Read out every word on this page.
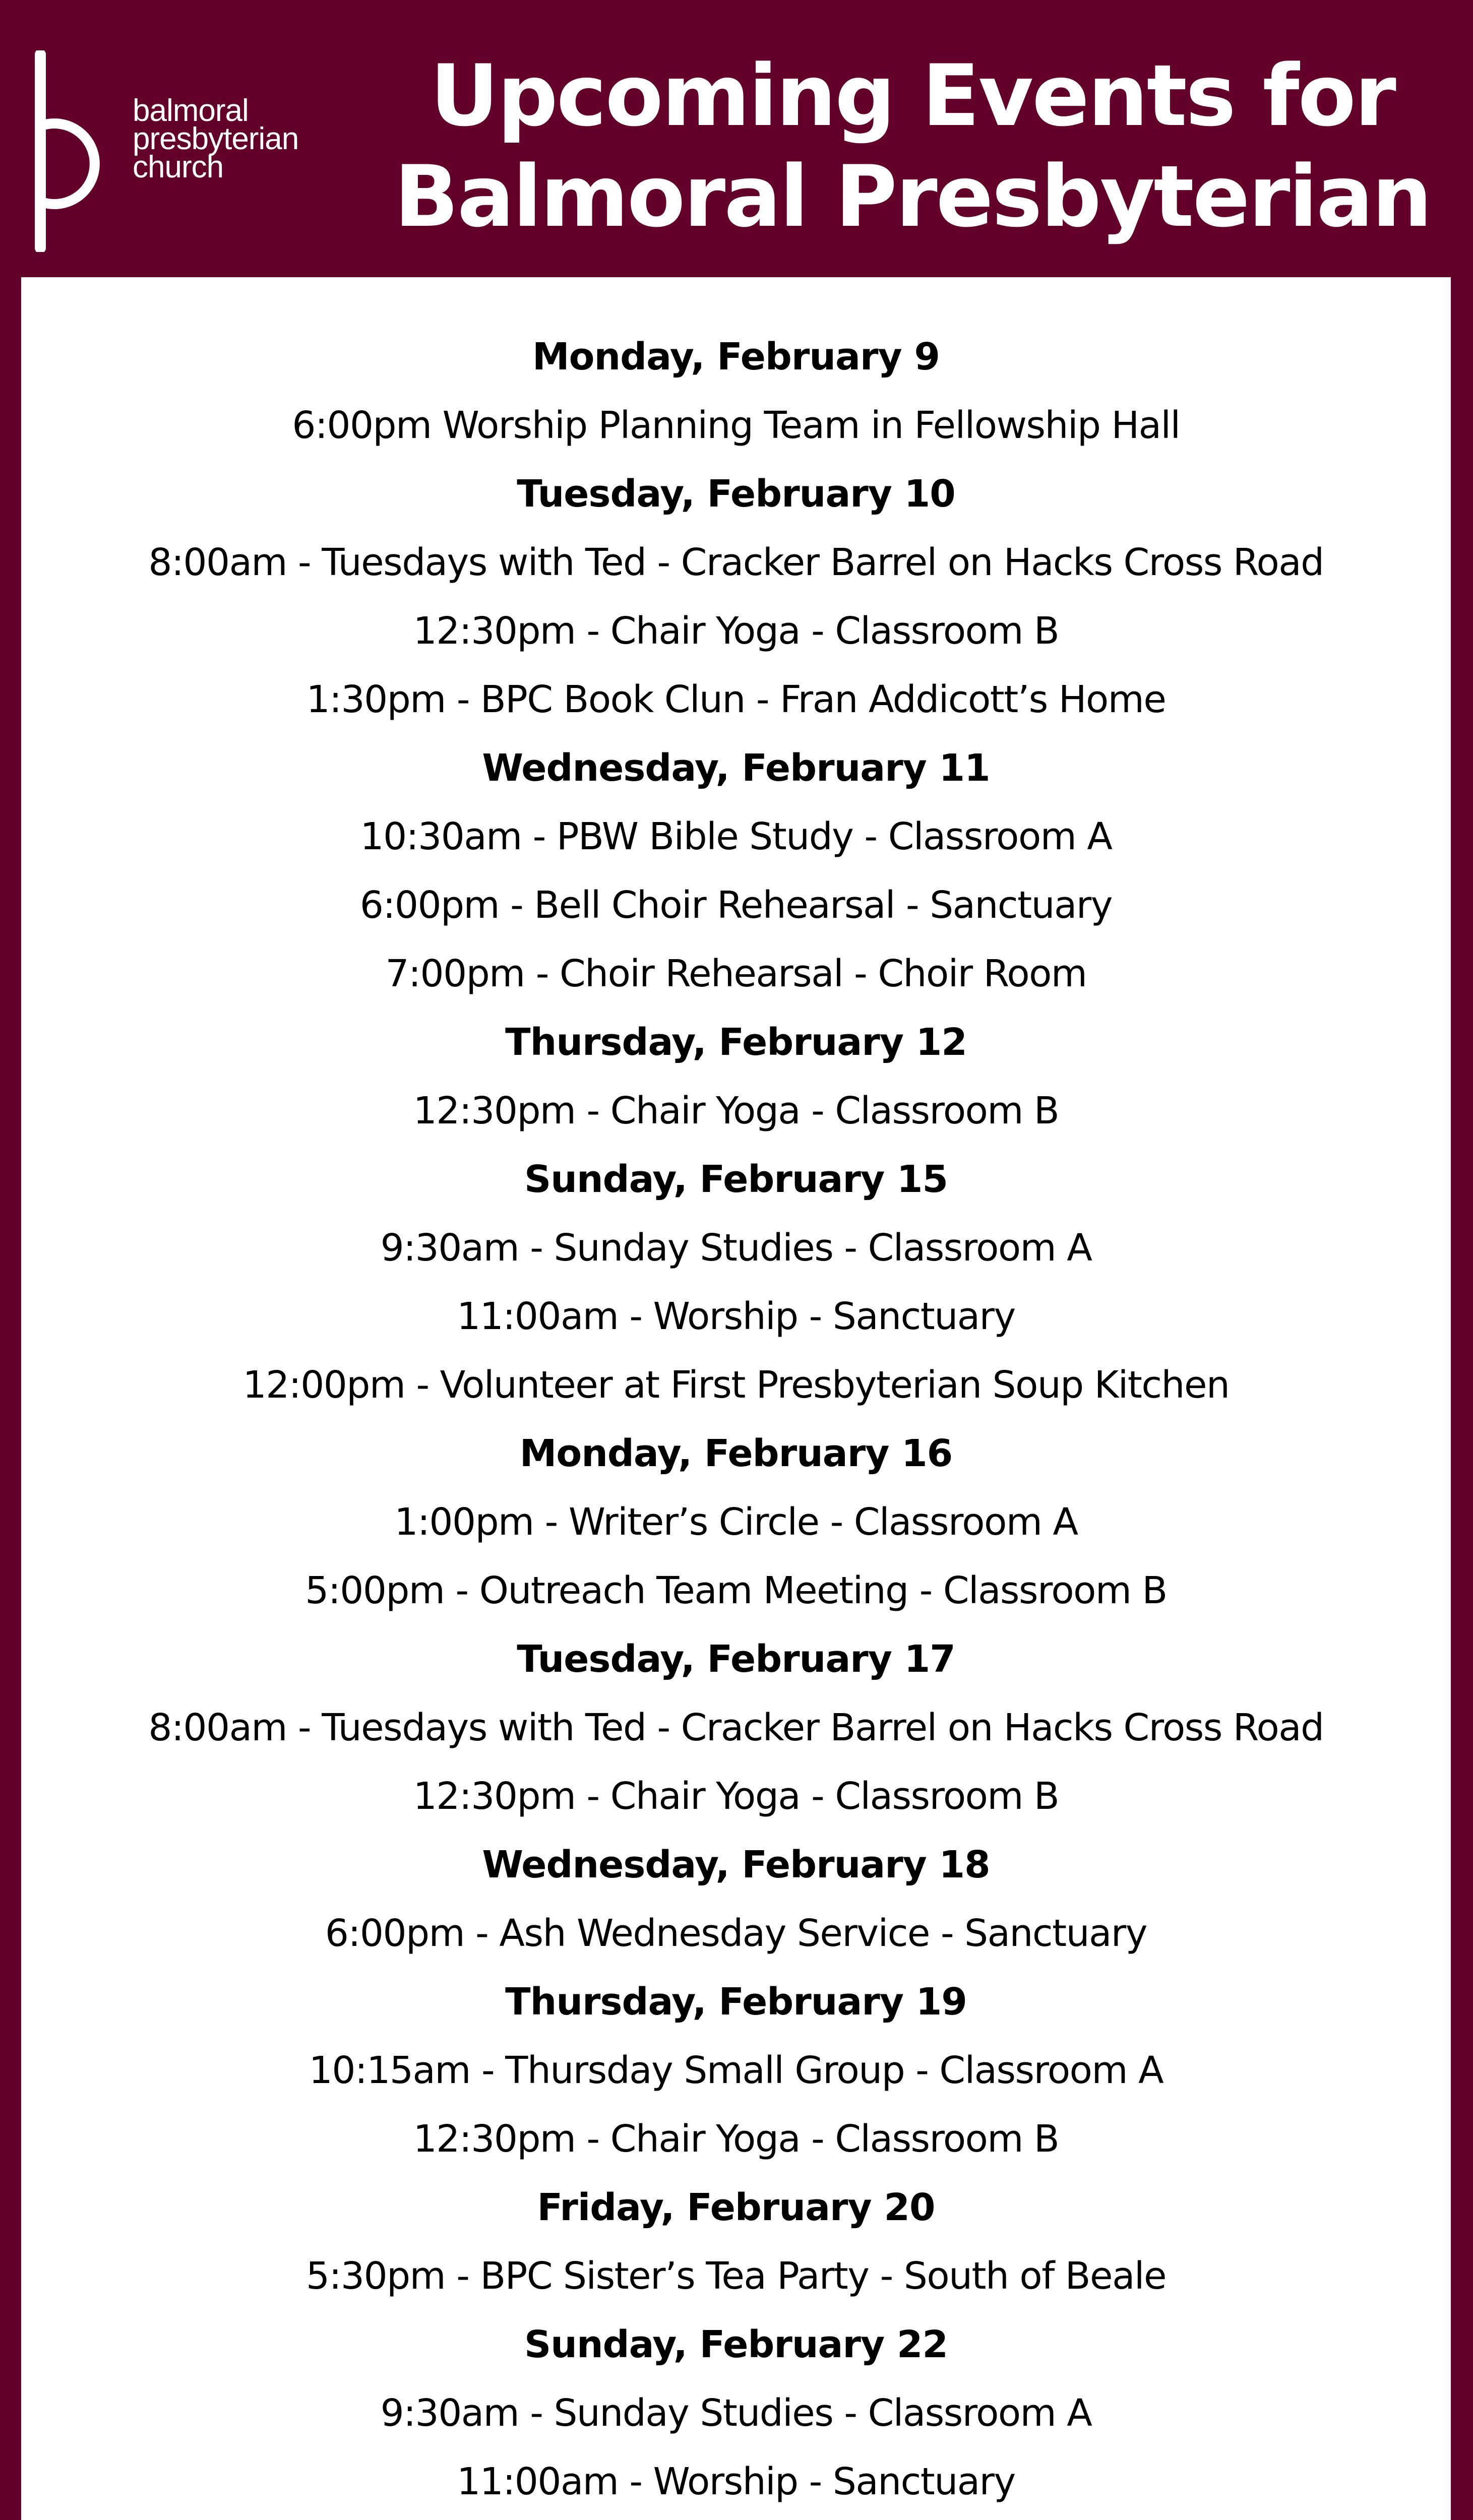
balmoral
presbyterian
church
Upcoming Events for
Balmoral Presbyterian
Monday, February 9
6:00pm Worship Planning Team in Fellowship Hall
Tuesday, February 10
8:00am - Tuesdays with Ted - Cracker Barrel on Hacks Cross Road
12:30pm - Chair Yoga - Classroom B
1:30pm - BPC Book Clun - Fran Addicott’s Home
Wednesday, February 11
10:30am - PBW Bible Study - Classroom A
6:00pm - Bell Choir Rehearsal - Sanctuary
7:00pm - Choir Rehearsal - Choir Room
Thursday, February 12
12:30pm - Chair Yoga - Classroom B
Sunday, February 15
9:30am - Sunday Studies - Classroom A
11:00am - Worship - Sanctuary
12:00pm - Volunteer at First Presbyterian Soup Kitchen
Monday, February 16
1:00pm - Writer’s Circle - Classroom A
5:00pm - Outreach Team Meeting - Classroom B
Tuesday, February 17
8:00am - Tuesdays with Ted - Cracker Barrel on Hacks Cross Road
12:30pm - Chair Yoga - Classroom B
Wednesday, February 18
6:00pm - Ash Wednesday Service - Sanctuary
Thursday, February 19
10:15am - Thursday Small Group - Classroom A
12:30pm - Chair Yoga - Classroom B
Friday, February 20
5:30pm - BPC Sister’s Tea Party - South of Beale
Sunday, February 22
9:30am - Sunday Studies - Classroom A
11:00am - Worship - Sanctuary
